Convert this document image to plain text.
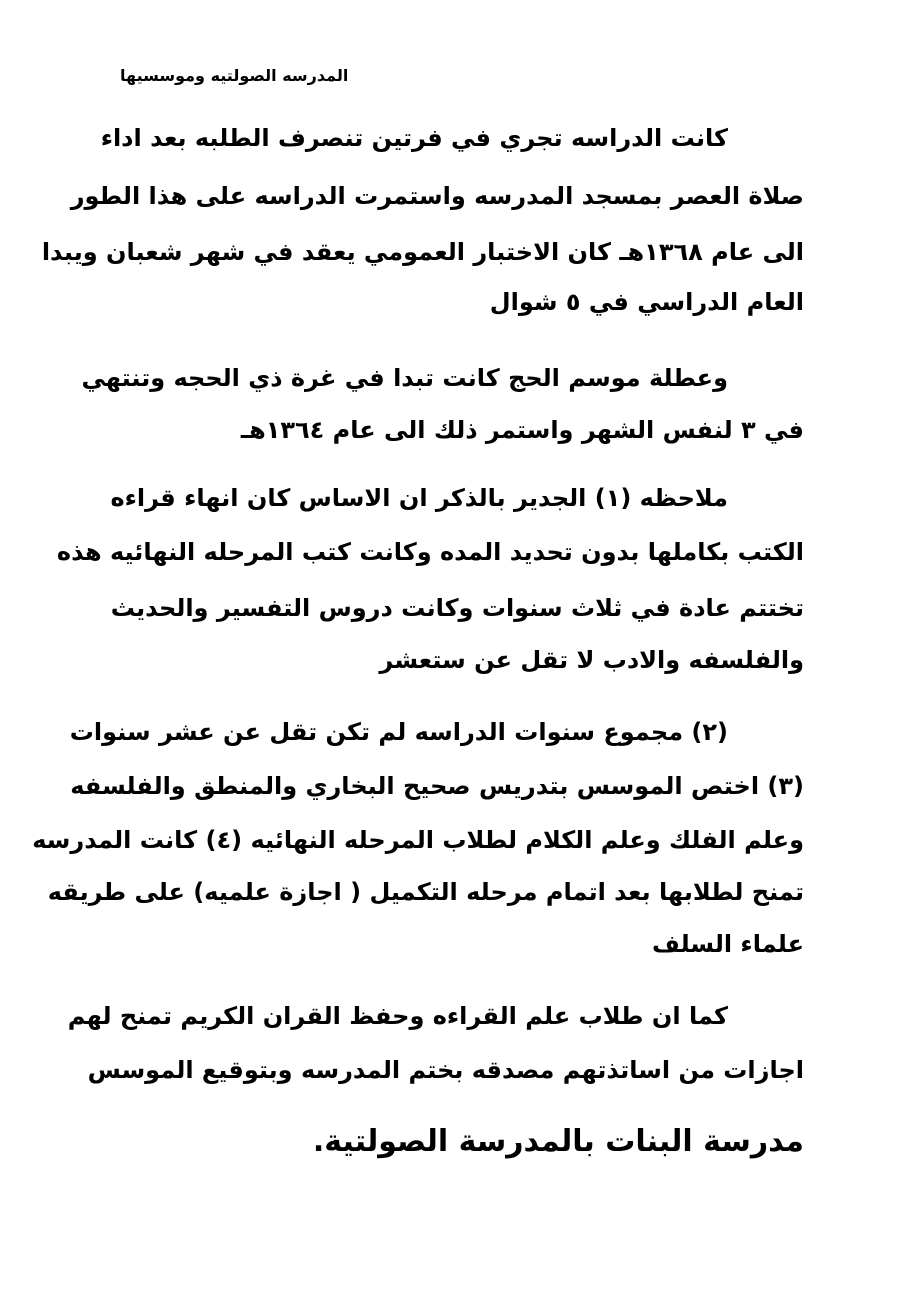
المدرسه الصولتيه وموسسيها
كانت الدراسه تجري في فرتين تنصرف الطلبه بعد اداء
صلاة العصر بمسجد المدرسه واستمرت الدراسه على هذا الطور
الى عام ١٣٦٨هـ كان الاختبار العمومي يعقد في شهر شعبان ويبدا
العام الدراسي في ٥ شوال
وعطلة موسم الحج كانت تبدا في غرة ذي الحجه وتنتهي
في ٣ لنفس الشهر واستمر ذلك الى عام ١٣٦٤هـ
ملاحظه (١) الجدير بالذكر ان الاساس كان انهاء قراءه
الكتب بكاملها بدون تحديد المده وكانت كتب المرحله النهائيه هذه
تختتم عادة في ثلاث سنوات وكانت دروس التفسير والحديث
والفلسفه والادب لا تقل عن ستعشر
(٢) مجموع سنوات الدراسه لم تكن تقل عن عشر سنوات
(٣) اختص الموسس بتدريس صحيح البخاري والمنطق والفلسفه
وعلم الفلك وعلم الكلام لطلاب المرحله النهائيه (٤) كانت المدرسه
تمنح لطلابها بعد اتمام مرحله التكميل ( اجازة علميه) على طريقه
علماء السلف
كما ان طلاب علم القراءه وحفظ القران الكريم تمنح لهم
اجازات من اساتذتهم مصدقه بختم المدرسه وبتوقيع الموسس
مدرسة البنات بالمدرسة الصولتية.
